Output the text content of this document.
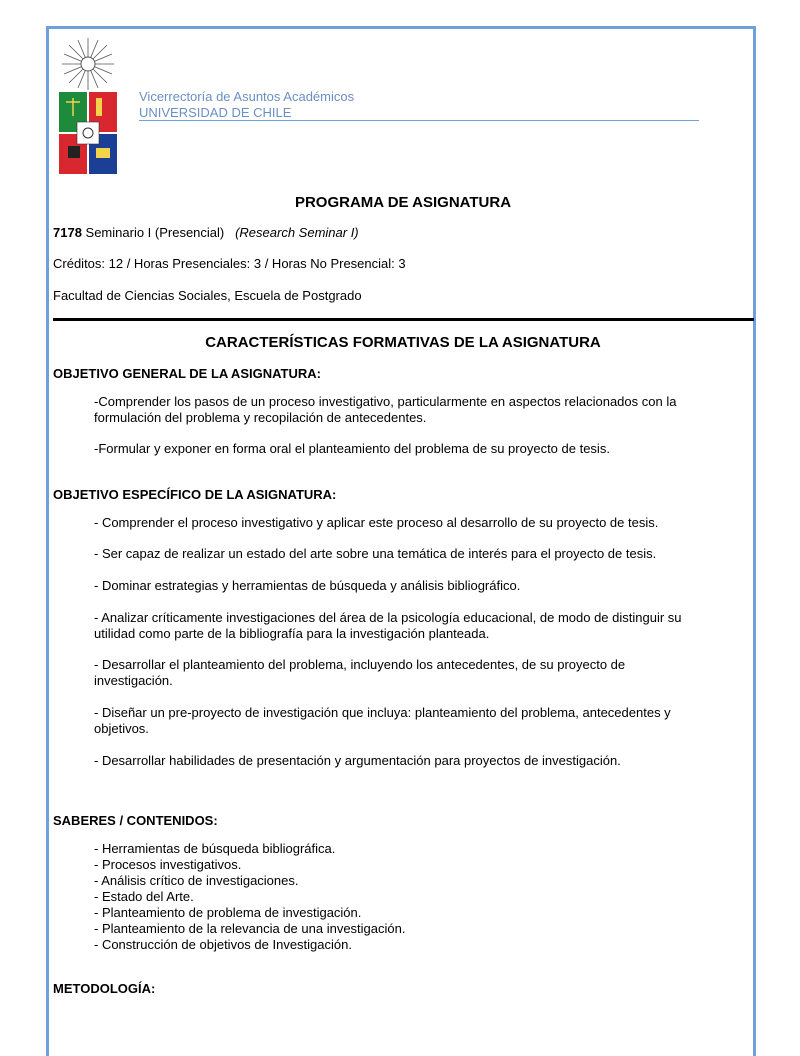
Vicerrectoría de Asuntos Académicos
UNIVERSIDAD DE CHILE
PROGRAMA DE ASIGNATURA
7178 Seminario I (Presencial) (Research Seminar I)
Créditos: 12 / Horas Presenciales: 3 / Horas No Presencial: 3
Facultad de Ciencias Sociales, Escuela de Postgrado
CARACTERÍSTICAS FORMATIVAS DE LA ASIGNATURA
OBJETIVO GENERAL DE LA ASIGNATURA:
-Comprender los pasos de un proceso investigativo, particularmente en aspectos relacionados con la formulación del problema y recopilación de antecedentes.
-Formular y exponer en forma oral el planteamiento del problema de su proyecto de tesis.
OBJETIVO ESPECÍFICO DE LA ASIGNATURA:
- Comprender el proceso investigativo y aplicar este proceso al desarrollo de su proyecto de tesis.
- Ser capaz de realizar un estado del arte sobre una temática de interés para el proyecto de tesis.
- Dominar estrategias y herramientas de búsqueda y análisis bibliográfico.
- Analizar críticamente investigaciones del área de la psicología educacional, de modo de distinguir su utilidad como parte de la bibliografía para la investigación planteada.
- Desarrollar el planteamiento del problema, incluyendo los antecedentes, de su proyecto de investigación.
- Diseñar un pre-proyecto de investigación que incluya: planteamiento del problema, antecedentes y objetivos.
- Desarrollar habilidades de presentación y argumentación para proyectos de investigación.
SABERES / CONTENIDOS:
- Herramientas de búsqueda bibliográfica.
- Procesos investigativos.
- Análisis crítico de investigaciones.
- Estado del Arte.
- Planteamiento de problema de investigación.
- Planteamiento de la relevancia de una investigación.
- Construcción de objetivos de Investigación.
METODOLOGÍA:
